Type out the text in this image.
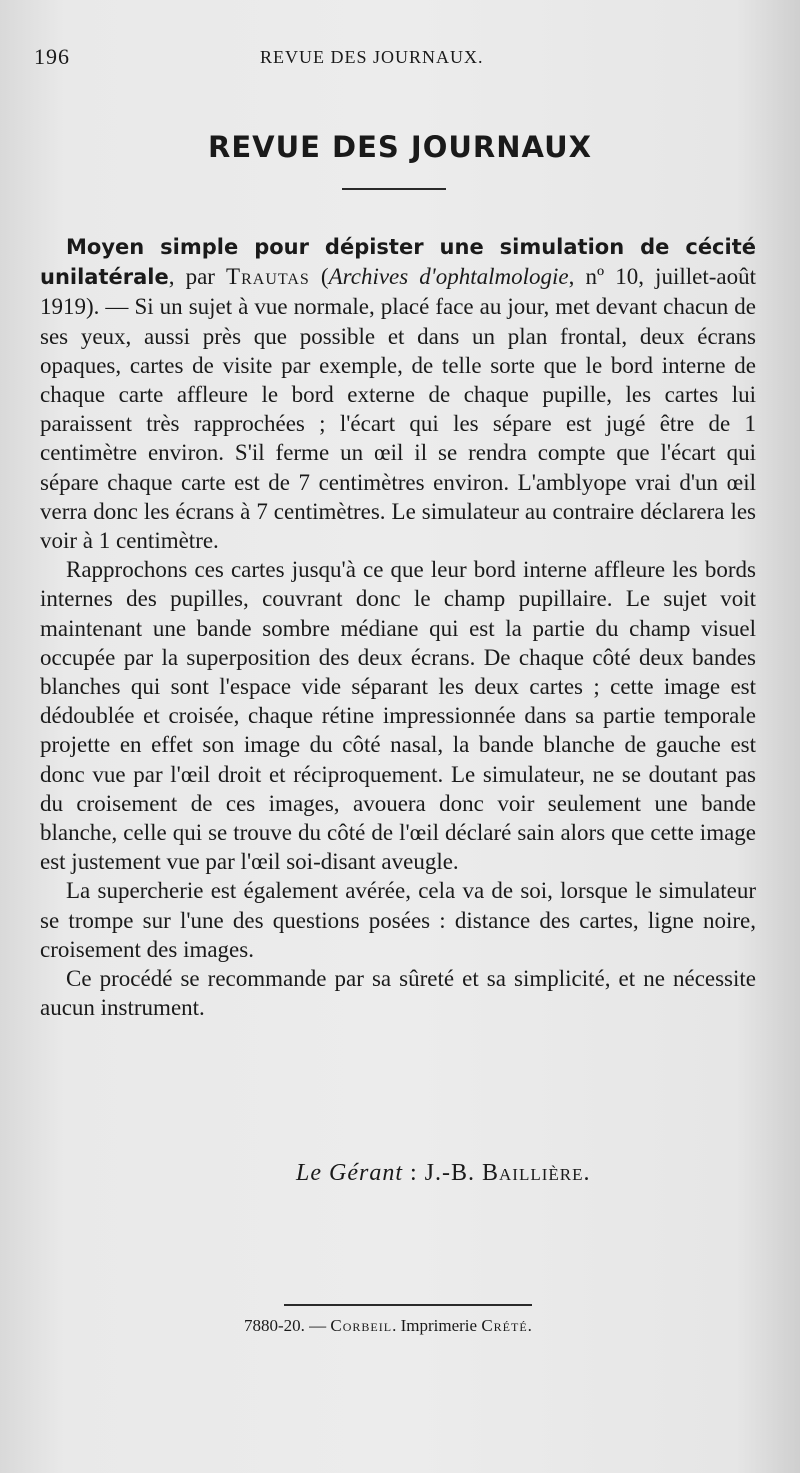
196	REVUE DES JOURNAUX.
REVUE DES JOURNAUX

Moyen simple pour dépister une simulation de cécité unilatérale, par Trautas (Archives d'ophtalmologie, nº 10, juillet-août 1919). — Si un sujet à vue normale, placé face au jour, met devant chacun de ses yeux, aussi près que possible et dans un plan frontal, deux écrans opaques, cartes de visite par exemple, de telle sorte que le bord interne de chaque carte affleure le bord externe de chaque pupille, les cartes lui paraissent très rapprochées ; l'écart qui les sépare est jugé être de 1 centimètre environ. S'il ferme un œil il se rendra compte que l'écart qui sépare chaque carte est de 7 centimètres environ. L'amblyope vrai d'un œil verra donc les écrans à 7 centimètres. Le simulateur au contraire déclarera les voir à 1 centimètre.

Rapprochons ces cartes jusqu'à ce que leur bord interne affleure les bords internes des pupilles, couvrant donc le champ pupillaire. Le sujet voit maintenant une bande sombre médiane qui est la partie du champ visuel occupée par la superposition des deux écrans. De chaque côté deux bandes blanches qui sont l'espace vide séparant les deux cartes ; cette image est dédoublée et croisée, chaque rétine impressionnée dans sa partie temporale projette en effet son image du côté nasal, la bande blanche de gauche est donc vue par l'œil droit et réciproquement. Le simulateur, ne se doutant pas du croisement de ces images, avouera donc voir seulement une bande blanche, celle qui se trouve du côté de l'œil déclaré sain alors que cette image est justement vue par l'œil soi-disant aveugle.

La supercherie est également avérée, cela va de soi, lorsque le simulateur se trompe sur l'une des questions posées : distance des cartes, ligne noire, croisement des images.

Ce procédé se recommande par sa sûreté et sa simplicité, et ne nécessite aucun instrument.

Le Gérant : J.-B. Baillière.
7880-20. — Corbeil. Imprimerie Crété.
